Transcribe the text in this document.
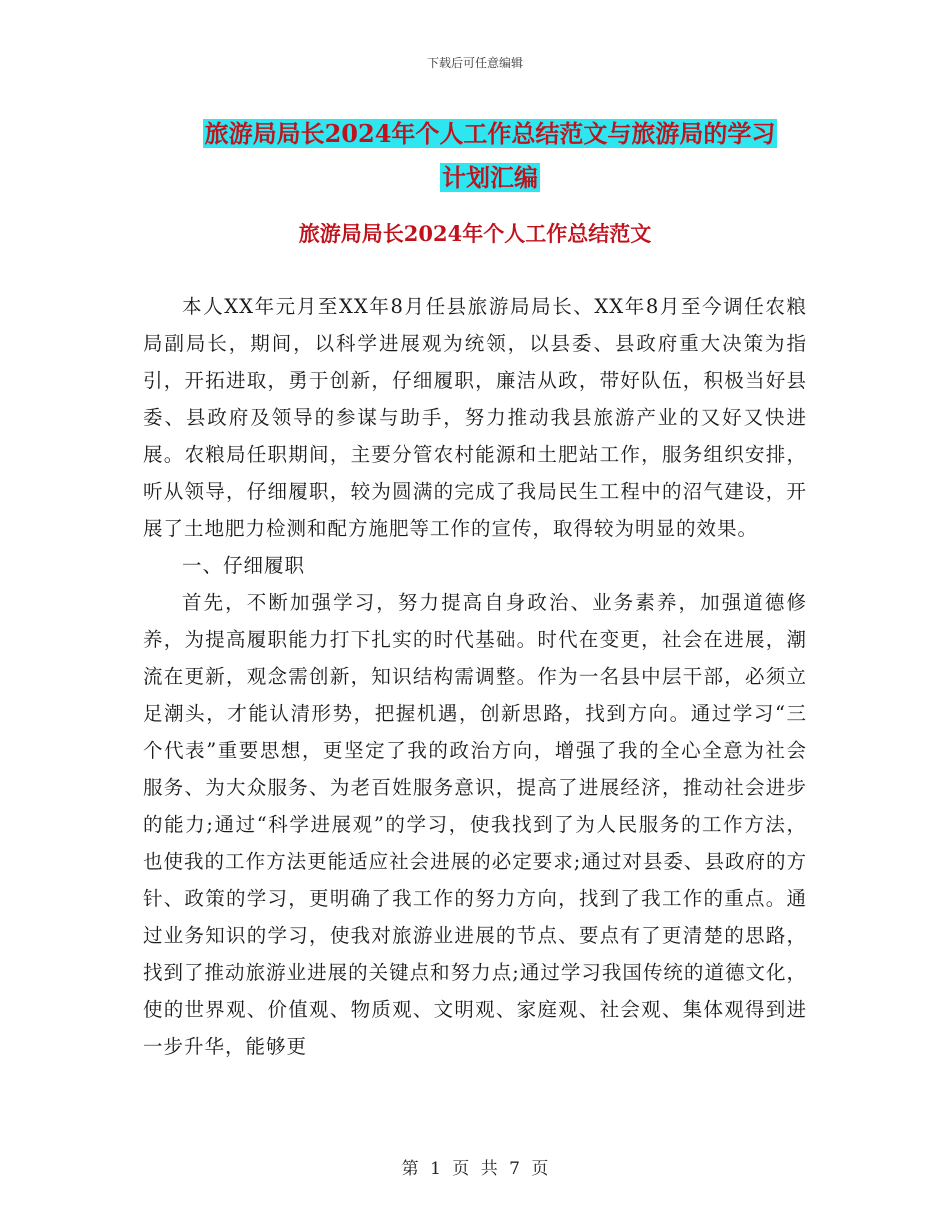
下载后可任意编辑
旅游局局长2024年个人工作总结范文与旅游局的学习
计划汇编
旅游局局长2024年个人工作总结范文

本人XX年元月至XX年8月任县旅游局局长、XX年8月至今调任农粮局副局长，期间，以科学进展观为统领，以县委、县政府重大决策为指引，开拓进取，勇于创新，仔细履职，廉洁从政，带好队伍，积极当好县委、县政府及领导的参谋与助手，努力推动我县旅游产业的又好又快进展。农粮局任职期间，主要分管农村能源和土肥站工作，服务组织安排，听从领导，仔细履职，较为圆满的完成了我局民生工程中的沼气建设，开展了土地肥力检测和配方施肥等工作的宣传，取得较为明显的效果。

一、仔细履职

首先，不断加强学习，努力提高自身政治、业务素养，加强道德修养，为提高履职能力打下扎实的时代基础。时代在变更，社会在进展，潮流在更新，观念需创新，知识结构需调整。作为一名县中层干部，必须立足潮头，才能认清形势，把握机遇，创新思路，找到方向。通过学习“三个代表”重要思想，更坚定了我的政治方向，增强了我的全心全意为社会服务、为大众服务、为老百姓服务意识，提高了进展经济，推动社会进步的能力;通过“科学进展观”的学习，使我找到了为人民服务的工作方法，也使我的工作方法更能适应社会进展的必定要求;通过对县委、县政府的方针、政策的学习，更明确了我工作的努力方向，找到了我工作的重点。通过业务知识的学习，使我对旅游业进展的节点、要点有了更清楚的思路，找到了推动旅游业进展的关键点和努力点;通过学习我国传统的道德文化，使的世界观、价值观、物质观、文明观、家庭观、社会观、集体观得到进一步升华，能够更

第 1 页 共 7 页
